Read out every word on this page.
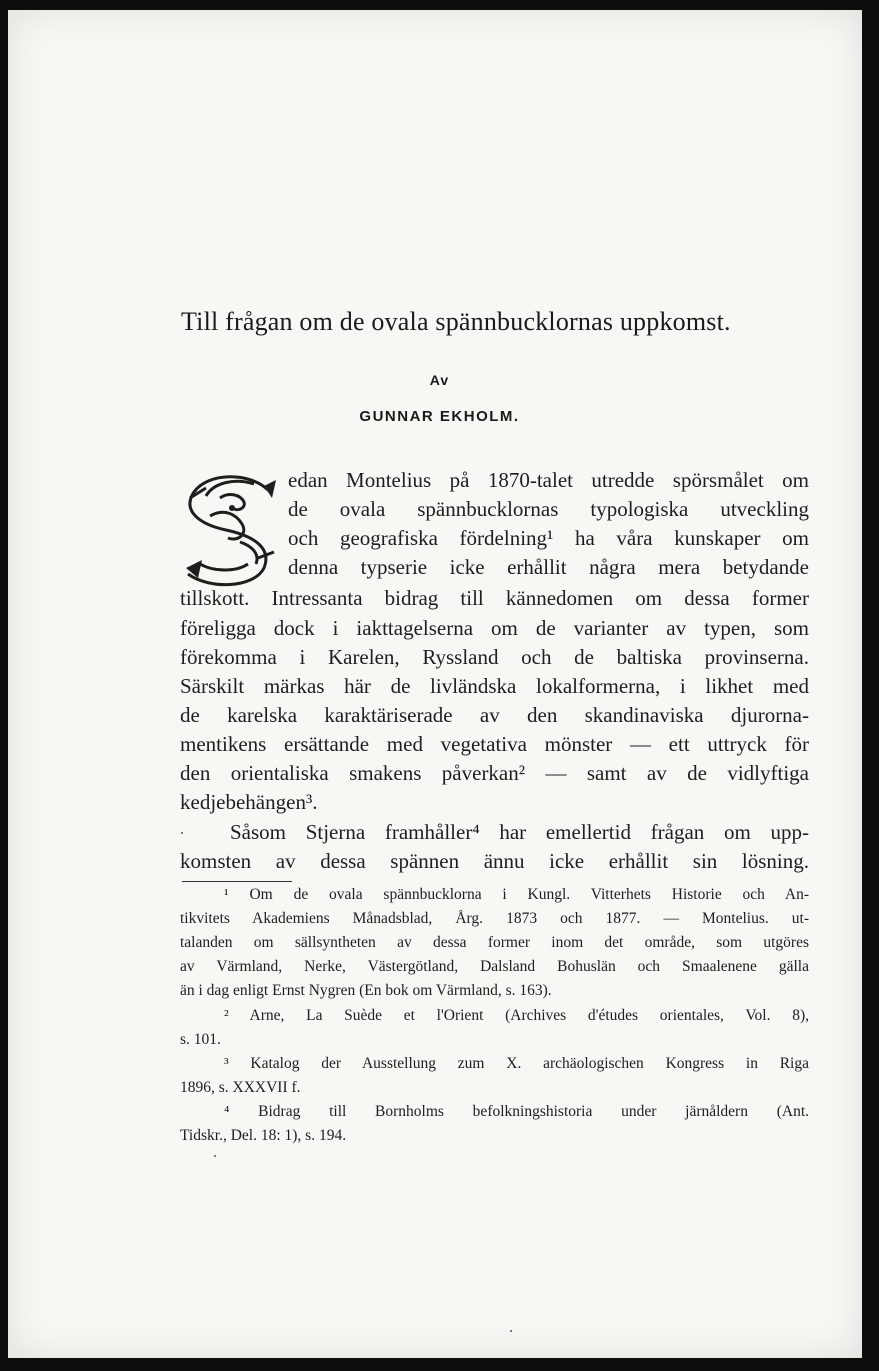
Till frågan om de ovala spännbucklornas uppkomst.
Av
GUNNAR EKHOLM.
edan Montelius på 1870-talet utredde spörsmålet om
de ovala spännbucklornas typologiska utveckling
och geografiska fördelning¹ ha våra kunskaper om
denna typserie icke erhållit några mera betydande
tillskott. Intressanta bidrag till kännedomen om dessa former
föreligga dock i iakttagelserna om de varianter av typen, som
förekomma i Karelen, Ryssland och de baltiska provinserna.
Särskilt märkas här de livländska lokalformerna, i likhet med
de karelska karaktäriserade av den skandinaviska djurorna-
mentikens ersättande med vegetativa mönster — ett uttryck för
den orientaliska smakens påverkan² — samt av de vidlyftiga
kedjebehängen³.
Såsom Stjerna framhåller⁴ har emellertid frågan om upp-
komsten av dessa spännen ännu icke erhållit sin lösning.
¹ Om de ovala spännbucklorna i Kungl. Vitterhets Historie och An-
tikvitets Akademiens Månadsblad, Årg. 1873 och 1877. — Montelius. ut-
talanden om sällsyntheten av dessa former inom det område, som utgöres
av Värmland, Nerke, Västergötland, Dalsland Bohuslän och Smaalenene gälla
än i dag enligt Ernst Nygren (En bok om Värmland, s. 163).
² Arne, La Suède et l'Orient (Archives d'études orientales, Vol. 8),
s. 101.
³ Katalog der Ausstellung zum X. archäologischen Kongress in Riga
1896, s. XXXVII f.
⁴ Bidrag till Bornholms befolkningshistoria under järnåldern (Ant.
Tidskr., Del. 18: 1), s. 194.
